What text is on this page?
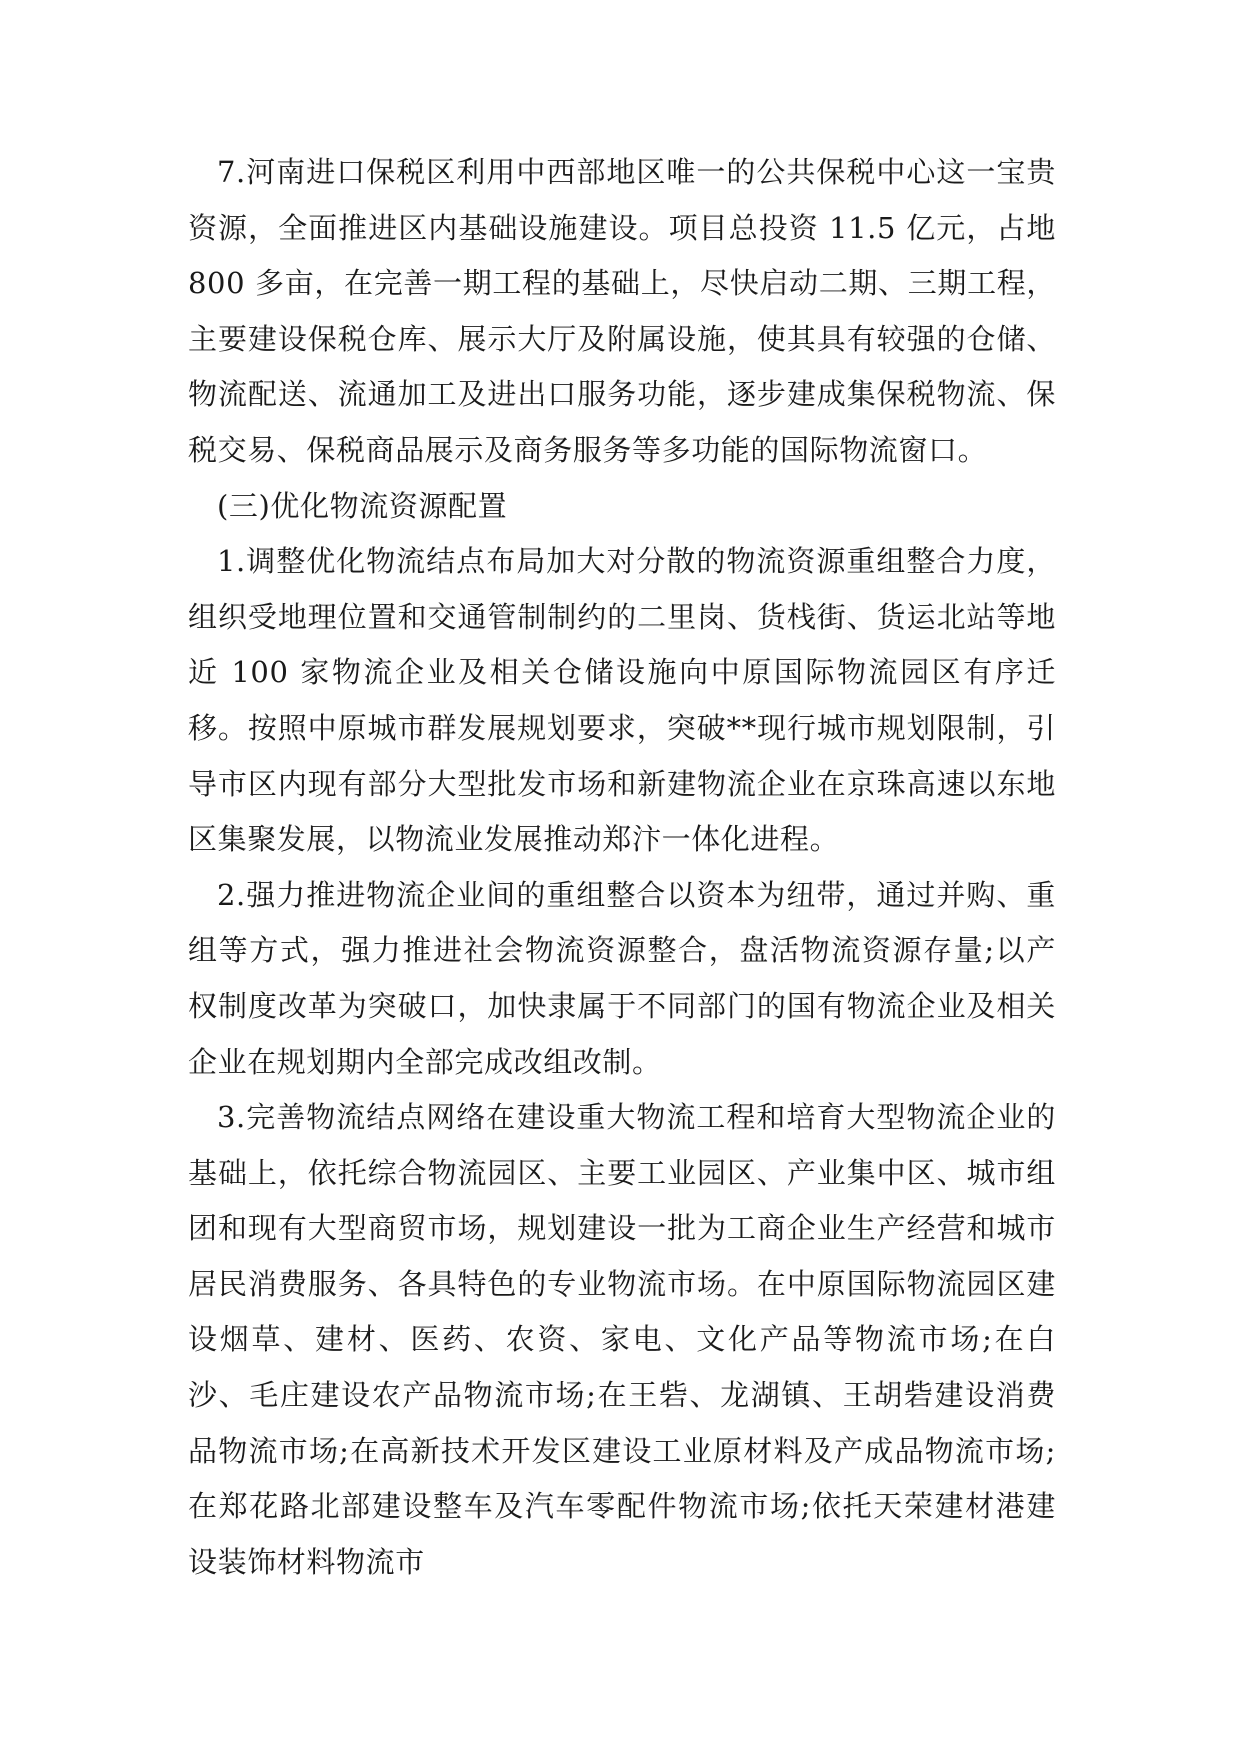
7.河南进口保税区利用中西部地区唯一的公共保税中心这一宝贵资源，全面推进区内基础设施建设。项目总投资 11.5 亿元，占地 800 多亩，在完善一期工程的基础上，尽快启动二期、三期工程，主要建设保税仓库、展示大厅及附属设施，使其具有较强的仓储、物流配送、流通加工及进出口服务功能，逐步建成集保税物流、保税交易、保税商品展示及商务服务等多功能的国际物流窗口。

(三)优化物流资源配置

1.调整优化物流结点布局加大对分散的物流资源重组整合力度，组织受地理位置和交通管制制约的二里岗、货栈街、货运北站等地近 100 家物流企业及相关仓储设施向中原国际物流园区有序迁移。按照中原城市群发展规划要求，突破**现行城市规划限制，引导市区内现有部分大型批发市场和新建物流企业在京珠高速以东地区集聚发展，以物流业发展推动郑汴一体化进程。

2.强力推进物流企业间的重组整合以资本为纽带，通过并购、重组等方式，强力推进社会物流资源整合，盘活物流资源存量;以产权制度改革为突破口，加快隶属于不同部门的国有物流企业及相关企业在规划期内全部完成改组改制。

3.完善物流结点网络在建设重大物流工程和培育大型物流企业的基础上，依托综合物流园区、主要工业园区、产业集中区、城市组团和现有大型商贸市场，规划建设一批为工商企业生产经营和城市居民消费服务、各具特色的专业物流市场。在中原国际物流园区建设烟草、建材、医药、农资、家电、文化产品等物流市场;在白沙、毛庄建设农产品物流市场;在王砦、龙湖镇、王胡砦建设消费品物流市场;在高新技术开发区建设工业原材料及产成品物流市场;在郑花路北部建设整车及汽车零配件物流市场;依托天荣建材港建设装饰材料物流市
